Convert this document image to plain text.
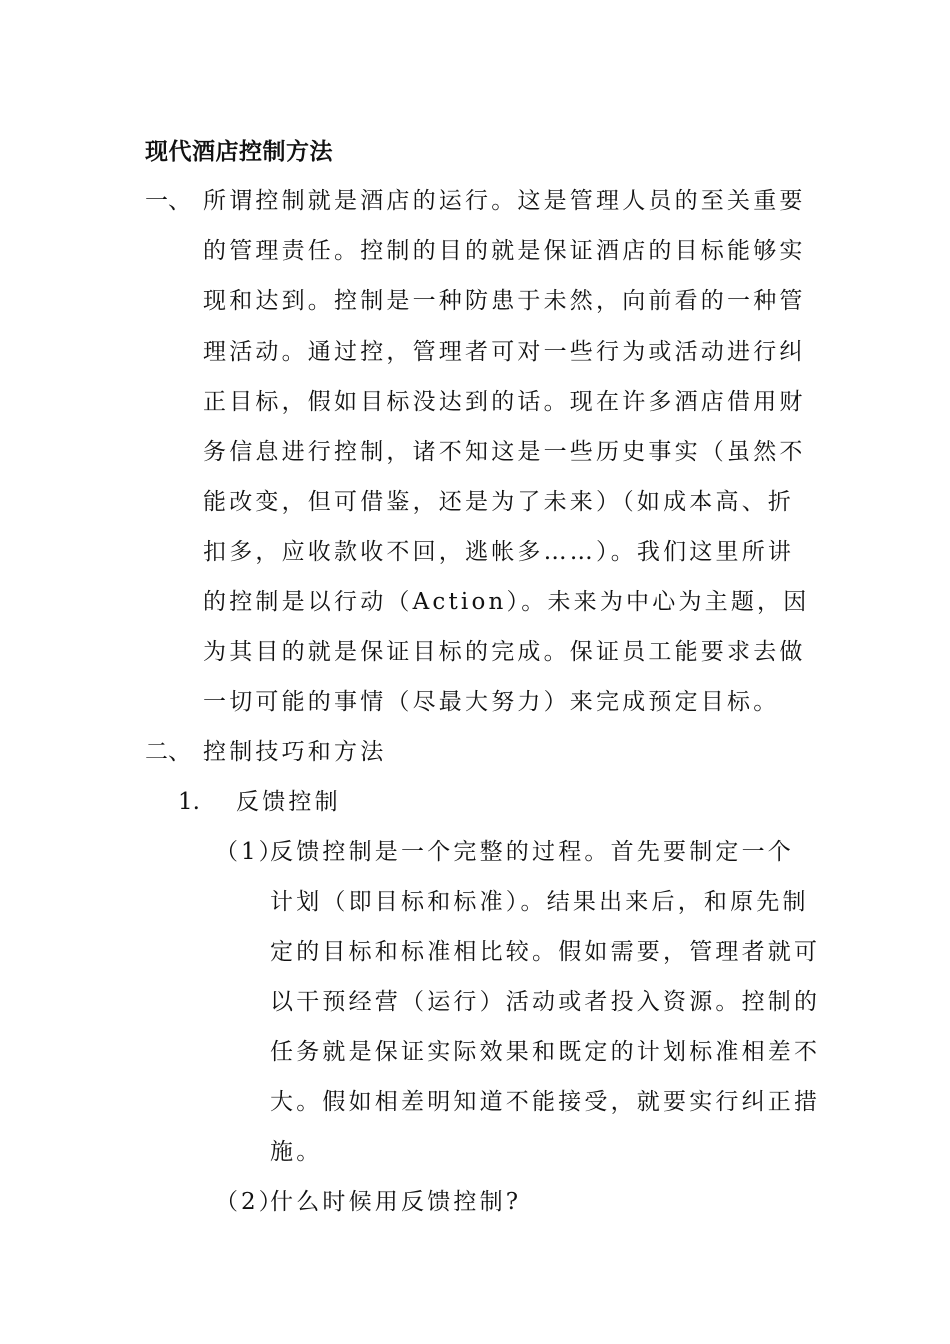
现代酒店控制方法
一、 所谓控制就是酒店的运行。这是管理人员的至关重要
的管理责任。控制的目的就是保证酒店的目标能够实
现和达到。控制是一种防患于未然，向前看的一种管
理活动。通过控，管理者可对一些行为或活动进行纠
正目标，假如目标没达到的话。现在许多酒店借用财
务信息进行控制，诸不知这是一些历史事实（虽然不
能改变，但可借鉴，还是为了未来）（如成本高、折
扣多，应收款收不回，逃帐多……）。我们这里所讲
的控制是以行动（Action）。未来为中心为主题，因
为其目的就是保证目标的完成。保证员工能要求去做
一切可能的事情（尽最大努力）来完成预定目标。
二、 控制技巧和方法
1. 反馈控制
（1）
反馈控制是一个完整的过程。首先要制定一个
计划（即目标和标准）。结果出来后，和原先制
定的目标和标准相比较。假如需要，管理者就可
以干预经营（运行）活动或者投入资源。控制的
任务就是保证实际效果和既定的计划标准相差不
大。假如相差明知道不能接受，就要实行纠正措
施。
（2）
什么时候用反馈控制?
